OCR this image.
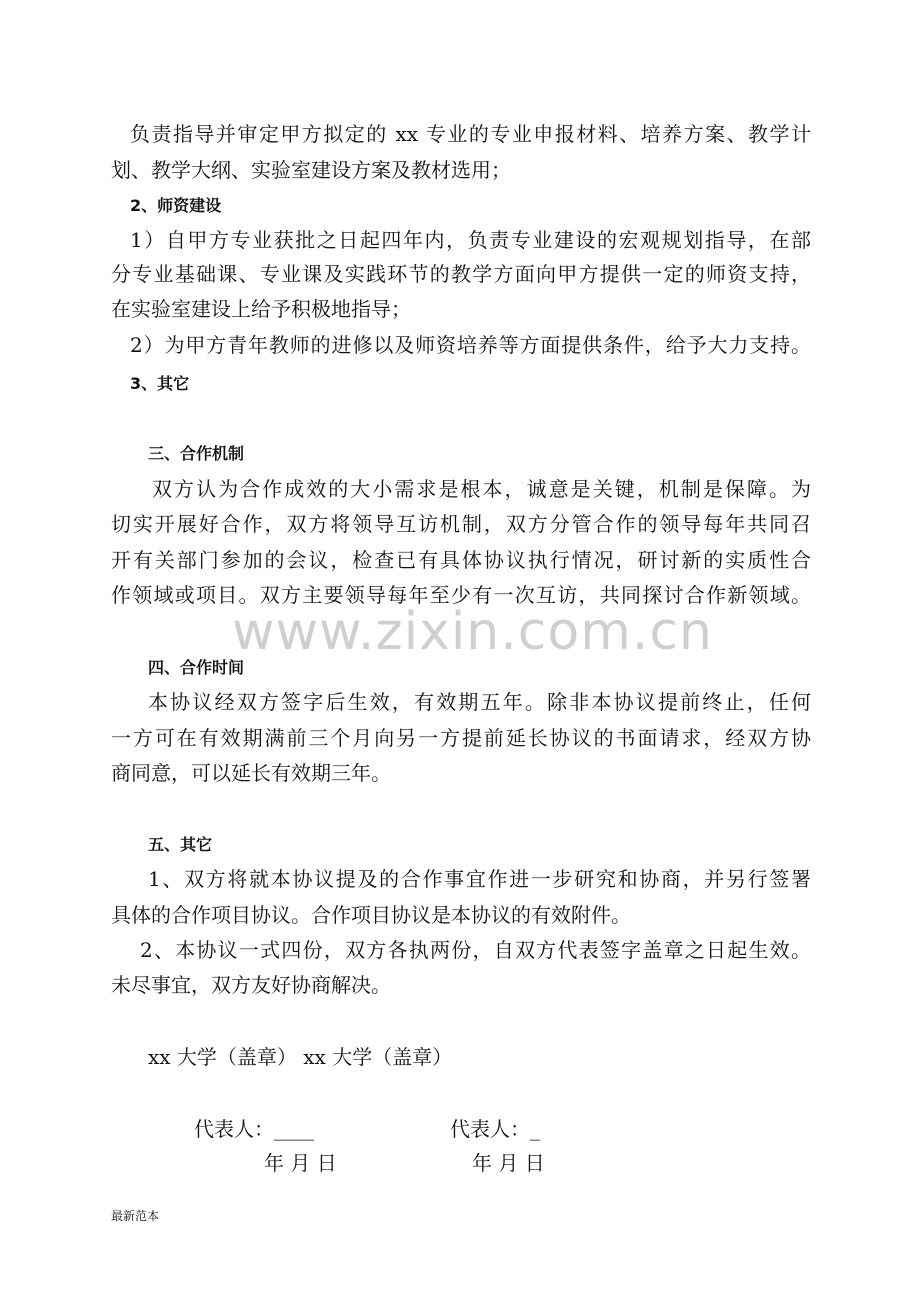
负责指导并审定甲方拟定的 xx 专业的专业申报材料、培养方案、教学计
划、教学大纲、实验室建设方案及教材选用；
2、师资建设
1）自甲方专业获批之日起四年内，负责专业建设的宏观规划指导，在部
分专业基础课、专业课及实践环节的教学方面向甲方提供一定的师资支持，
在实验室建设上给予积极地指导；
2）为甲方青年教师的进修以及师资培养等方面提供条件，给予大力支持。
3、其它
三、合作机制
双方认为合作成效的大小需求是根本，诚意是关键，机制是保障。为
切实开展好合作，双方将领导互访机制，双方分管合作的领导每年共同召
开有关部门参加的会议，检查已有具体协议执行情况，研讨新的实质性合
作领域或项目。双方主要领导每年至少有一次互访，共同探讨合作新领域。
www.zixin.com.cn
四、合作时间
本协议经双方签字后生效，有效期五年。除非本协议提前终止，任何
一方可在有效期满前三个月向另一方提前延长协议的书面请求，经双方协
商同意，可以延长有效期三年。
五、其它
1、双方将就本协议提及的合作事宜作进一步研究和协商，并另行签署
具体的合作项目协议。合作项目协议是本协议的有效附件。
2、本协议一式四份，双方各执两份，自双方代表签字盖章之日起生效。
未尽事宜，双方友好协商解决。
xx 大学（盖章） xx 大学（盖章）
代表人：____	代表人：_
年 月 日	年 月 日
最新范本
